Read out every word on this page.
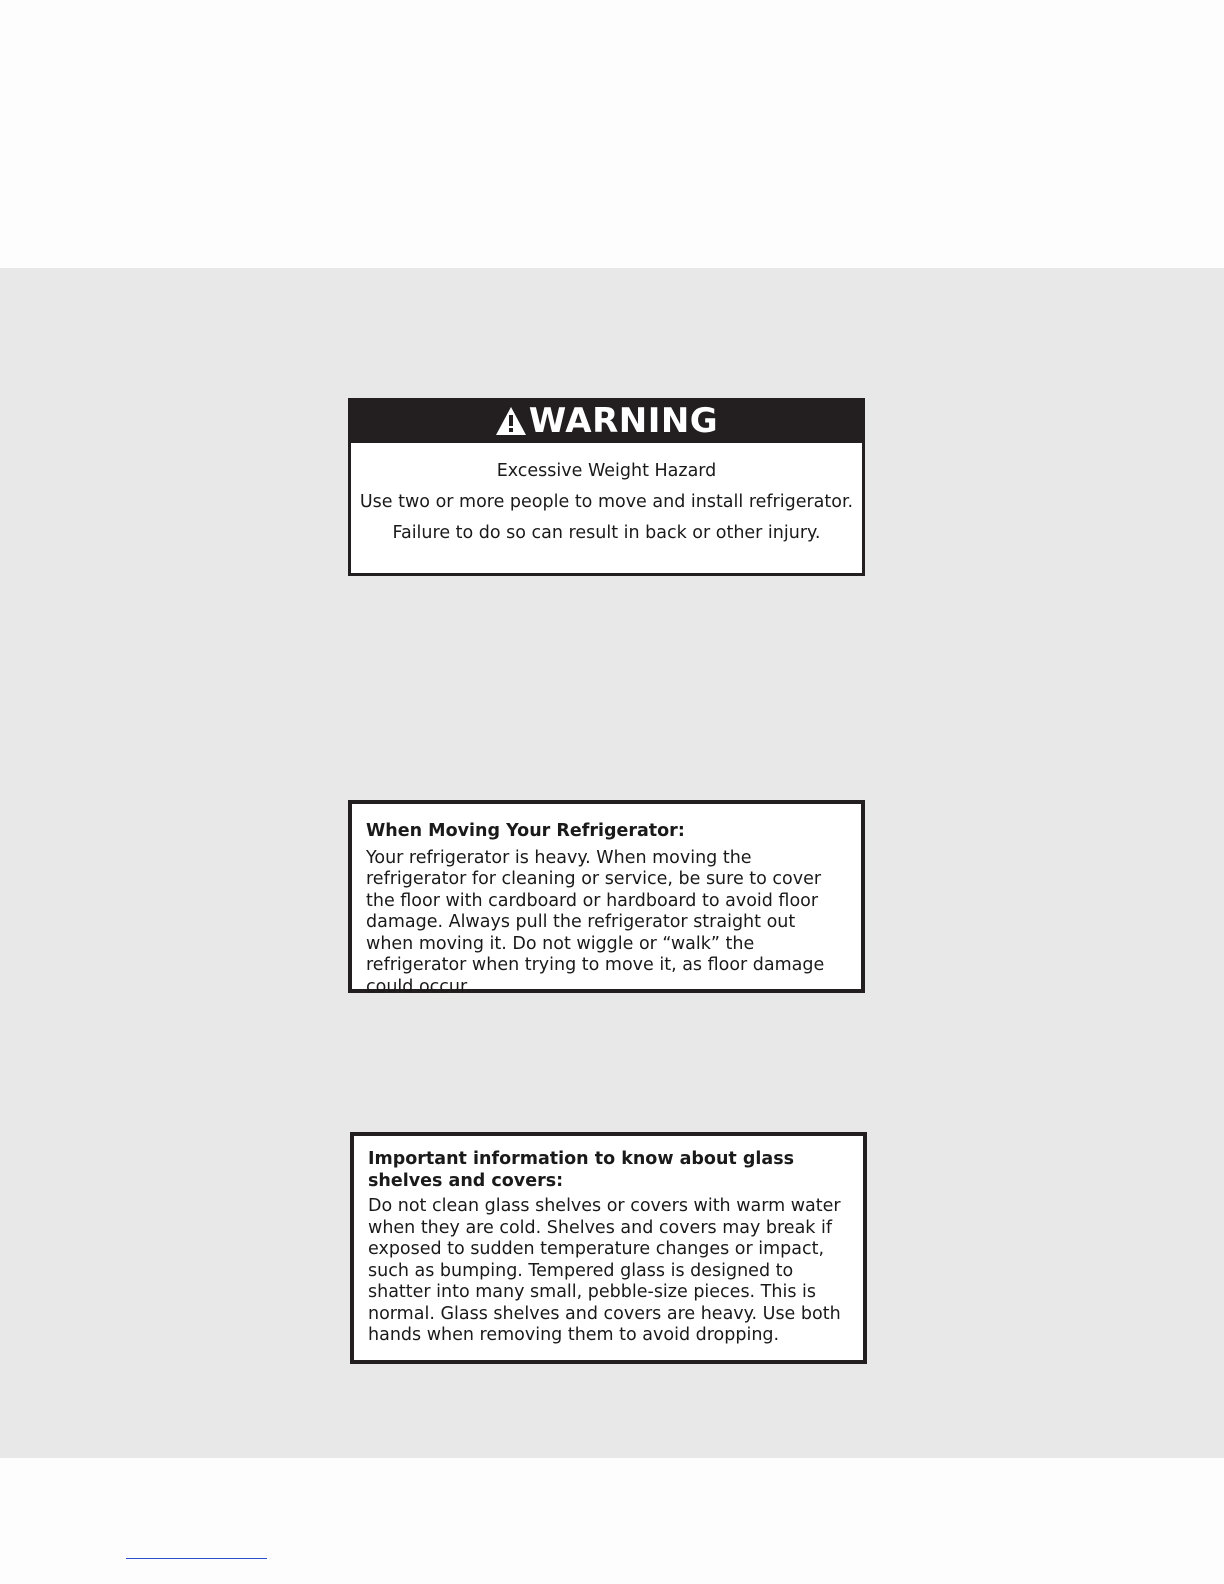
WARNING
Excessive Weight Hazard
Use two or more people to move and install refrigerator.
Failure to do so can result in back or other injury.

When Moving Your Refrigerator:

Your refrigerator is heavy. When moving the refrigerator for cleaning or service, be sure to cover the floor with cardboard or hardboard to avoid floor damage. Always pull the refrigerator straight out when moving it. Do not wiggle or “walk” the refrigerator when trying to move it, as floor damage could occur.

Important information to know about glass shelves and covers:

Do not clean glass shelves or covers with warm water when they are cold. Shelves and covers may break if exposed to sudden temperature changes or impact, such as bumping. Tempered glass is designed to shatter into many small, pebble-size pieces. This is normal. Glass shelves and covers are heavy. Use both hands when removing them to avoid dropping.
